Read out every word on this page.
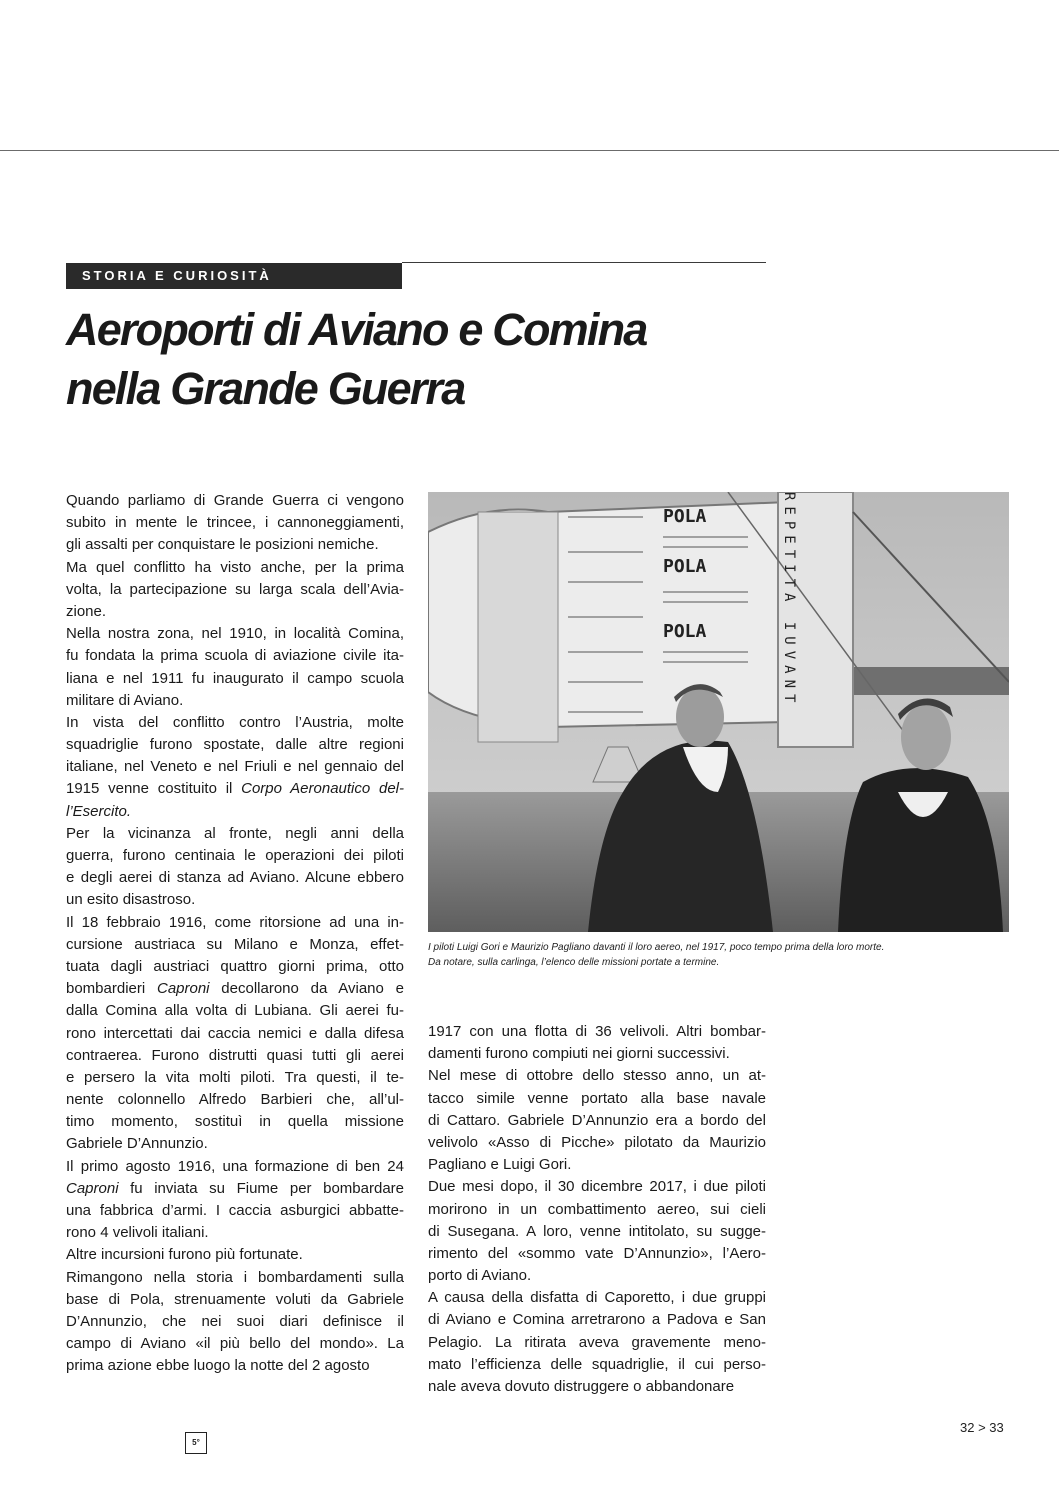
STORIA E CURIOSITÀ
Aeroporti di Aviano e Comina
nella Grande Guerra
Quando parliamo di Grande Guerra ci vengono
subito in mente le trincee, i cannoneggiamenti,
gli assalti per conquistare le posizioni nemiche.
Ma quel conflitto ha visto anche, per la prima
volta, la partecipazione su larga scala dell’Avia-
zione.
Nella nostra zona, nel 1910, in località Comina,
fu fondata la prima scuola di aviazione civile ita-
liana e nel 1911 fu inaugurato il campo scuola
militare di Aviano.
In vista del conflitto contro l’Austria, molte
squadriglie furono spostate, dalle altre regioni
italiane, nel Veneto e nel Friuli e nel gennaio del
1915 venne costituito il Corpo Aeronautico del-
l’Esercito.
Per la vicinanza al fronte, negli anni della
guerra, furono centinaia le operazioni dei piloti
e degli aerei di stanza ad Aviano. Alcune ebbero
un esito disastroso.
Il 18 febbraio 1916, come ritorsione ad una in-
cursione austriaca su Milano e Monza, effet-
tuata dagli austriaci quattro giorni prima, otto
bombardieri Caproni decollarono da Aviano e
dalla Comina alla volta di Lubiana. Gli aerei fu-
rono intercettati dai caccia nemici e dalla difesa
contraerea. Furono distrutti quasi tutti gli aerei
e persero la vita molti piloti. Tra questi, il te-
nente colonnello Alfredo Barbieri che, all’ul-
timo momento, sostituì in quella missione
Gabriele D’Annunzio.
Il primo agosto 1916, una formazione di ben 24
Caproni fu inviata su Fiume per bombardare
una fabbrica d’armi. I caccia asburgici abbatte-
rono 4 velivoli italiani.
Altre incursioni furono più fortunate.
Rimangono nella storia i bombardamenti sulla
base di Pola, strenuamente voluti da Gabriele
D’Annunzio, che nei suoi diari definisce il
campo di Aviano «il più bello del mondo». La
prima azione ebbe luogo la notte del 2 agosto
POLA
POLA
POLA	REPETITA IUVANT
I piloti Luigi Gori e Maurizio Pagliano davanti il loro aereo, nel 1917, poco tempo prima della loro morte.
Da notare, sulla carlinga, l’elenco delle missioni portate a termine.
1917 con una flotta di 36 velivoli. Altri bombar-
damenti furono compiuti nei giorni successivi.
Nel mese di ottobre dello stesso anno, un at-
tacco simile venne portato alla base navale
di Cattaro. Gabriele D’Annunzio era a bordo del
velivolo «Asso di Picche» pilotato da Maurizio
Pagliano e Luigi Gori.
Due mesi dopo, il 30 dicembre 2017, i due piloti
morirono in un combattimento aereo, sui cieli
di Susegana. A loro, venne intitolato, su sugge-
rimento del «sommo vate D’Annunzio», l’Aero-
porto di Aviano.
A causa della disfatta di Caporetto, i due gruppi
di Aviano e Comina arretrarono a Padova e San
Pelagio. La ritirata aveva gravemente meno-
mato l’efficienza delle squadriglie, il cui perso-
nale aveva dovuto distruggere o abbandonare
5°
32 > 33
